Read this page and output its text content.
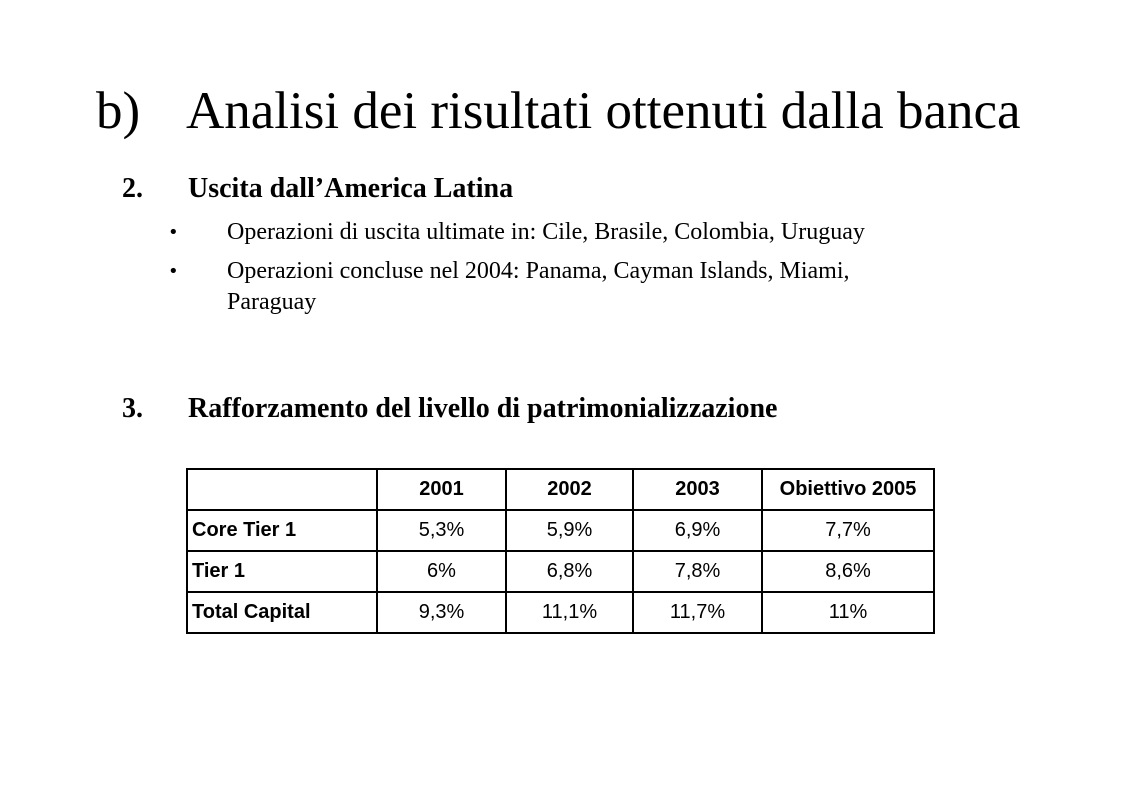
b) Analisi dei risultati ottenuti dalla banca
2. Uscita dall’America Latina
• Operazioni di uscita ultimate in: Cile, Brasile, Colombia, Uruguay
• Operazioni concluse nel 2004: Panama, Cayman Islands, Miami, Paraguay
3. Rafforzamento del livello di patrimonializzazione
	2001	2002	2003	Obiettivo 2005
Core Tier 1	5,3%	5,9%	6,9%	7,7%
Tier 1	6%	6,8%	7,8%	8,6%
Total Capital	9,3%	11,1%	11,7%	11%
